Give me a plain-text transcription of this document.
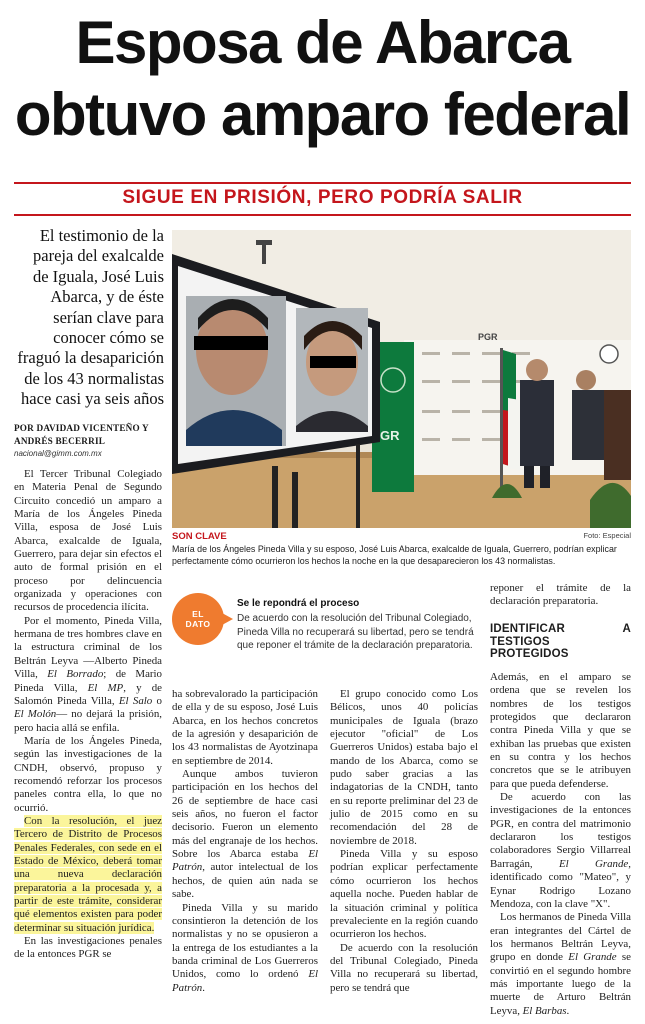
Esposa de Abarca
obtuvo amparo federal
SIGUE EN PRISIÓN, PERO PODRÍA SALIR
El testimonio de la pareja del exalcalde de Iguala, José Luis Abarca, y de éste serían clave para conocer cómo se fraguó la desaparición de los 43 normalistas hace casi ya seis años
POR DAVIDAD VICENTEÑO Y
ANDRÉS BECERRIL
nacional@gimm.com.mx
PGR
GR
SON CLAVE	Foto: Especial
María de los Ángeles Pineda Villa y su esposo, José Luis Abarca, exalcalde de Iguala, Guerrero, podrían explicar perfectamente cómo ocurrieron los hechos la noche en la que desaparecieron los 43 normalistas.
EL
DATO
Se le repondrá el proceso
De acuerdo con la resolución del Tribunal Colegiado, Pineda Villa no recuperará su libertad, pero se tendrá que reponer el trámite de la declaración preparatoria.

El Tercer Tribunal Colegiado en Materia Penal de Segundo Circuito concedió un amparo a María de los Ángeles Pineda Villa, esposa de José Luis Abarca, exalcalde de Iguala, Guerrero, para dejar sin efectos el auto de formal prisión en el proceso por delincuencia organizada y operaciones con recursos de procedencia ilícita.

Por el momento, Pineda Villa, hermana de tres hombres clave en la estructura criminal de los Beltrán Leyva —Alberto Pineda Villa, El Borrado; de Mario Pineda Villa, El MP, y de Salomón Pineda Villa, El Salo o El Molón— no dejará la prisión, pero hacia allá se enfila.

María de los Ángeles Pineda, según las investigaciones de la CNDH, observó, propuso y recomendó reforzar los procesos paneles contra ella, lo que no ocurrió.

Con la resolución, el juez Tercero de Distrito de Procesos Penales Federales, con sede en el Estado de México, deberá tomar una nueva declaración preparatoria a la procesada y, a partir de este trámite, considerar qué elementos existen para poder determinar su situación jurídica.

En las investigaciones penales de la entonces PGR se

ha sobrevalorado la participación de ella y de su esposo, José Luis Abarca, en los hechos concretos de la agresión y desaparición de los 43 normalistas de Ayotzinapa en septiembre de 2014.

Aunque ambos tuvieron participación en los hechos del 26 de septiembre de hace casi seis años, no fueron el factor decisorio. Fueron un elemento más del engranaje de los hechos. Sobre los Abarca estaba El Patrón, autor intelectual de los hechos, de quien aún nada se sabe.

Pineda Villa y su marido consintieron la detención de los normalistas y no se opusieron a la entrega de los estudiantes a la banda criminal de Los Guerreros Unidos, como lo ordenó El Patrón.

El grupo conocido como Los Bélicos, unos 40 policías municipales de Iguala (brazo ejecutor "oficial" de Los Guerreros Unidos) estaba bajo el mando de los Abarca, como se pudo saber gracias a las indagatorias de la CNDH, tanto en su reporte preliminar del 23 de julio de 2015 como en su recomendación del 28 de noviembre de 2018.

Pineda Villa y su esposo podrían explicar perfectamente cómo ocurrieron los hechos aquella noche. Pueden hablar de la situación criminal y política prevaleciente en la región cuando ocurrieron los hechos.

De acuerdo con la resolución del Tribunal Colegiado, Pineda Villa no recuperará su libertad, pero se tendrá que

reponer el trámite de la declaración preparatoria.

IDENTIFICAR A TESTIGOS PROTEGIDOS

Además, en el amparo se ordena que se revelen los nombres de los testigos protegidos que declararon contra Pineda Villa y que se exhiban las pruebas que existen en su contra y los hechos concretos que se le atribuyen para que pueda defenderse.

De acuerdo con las investigaciones de la entonces PGR, en contra del matrimonio declararon los testigos colaboradores Sergio Villarreal Barragán, El Grande, identificado como "Mateo", y Eynar Rodrigo Lozano Mendoza, con la clave "X".

Los hermanos de Pineda Villa eran integrantes del Cártel de los hermanos Beltrán Leyva, grupo en donde El Grande se convirtió en el segundo hombre más importante luego de la muerte de Arturo Beltrán Leyva, El Barbas.
